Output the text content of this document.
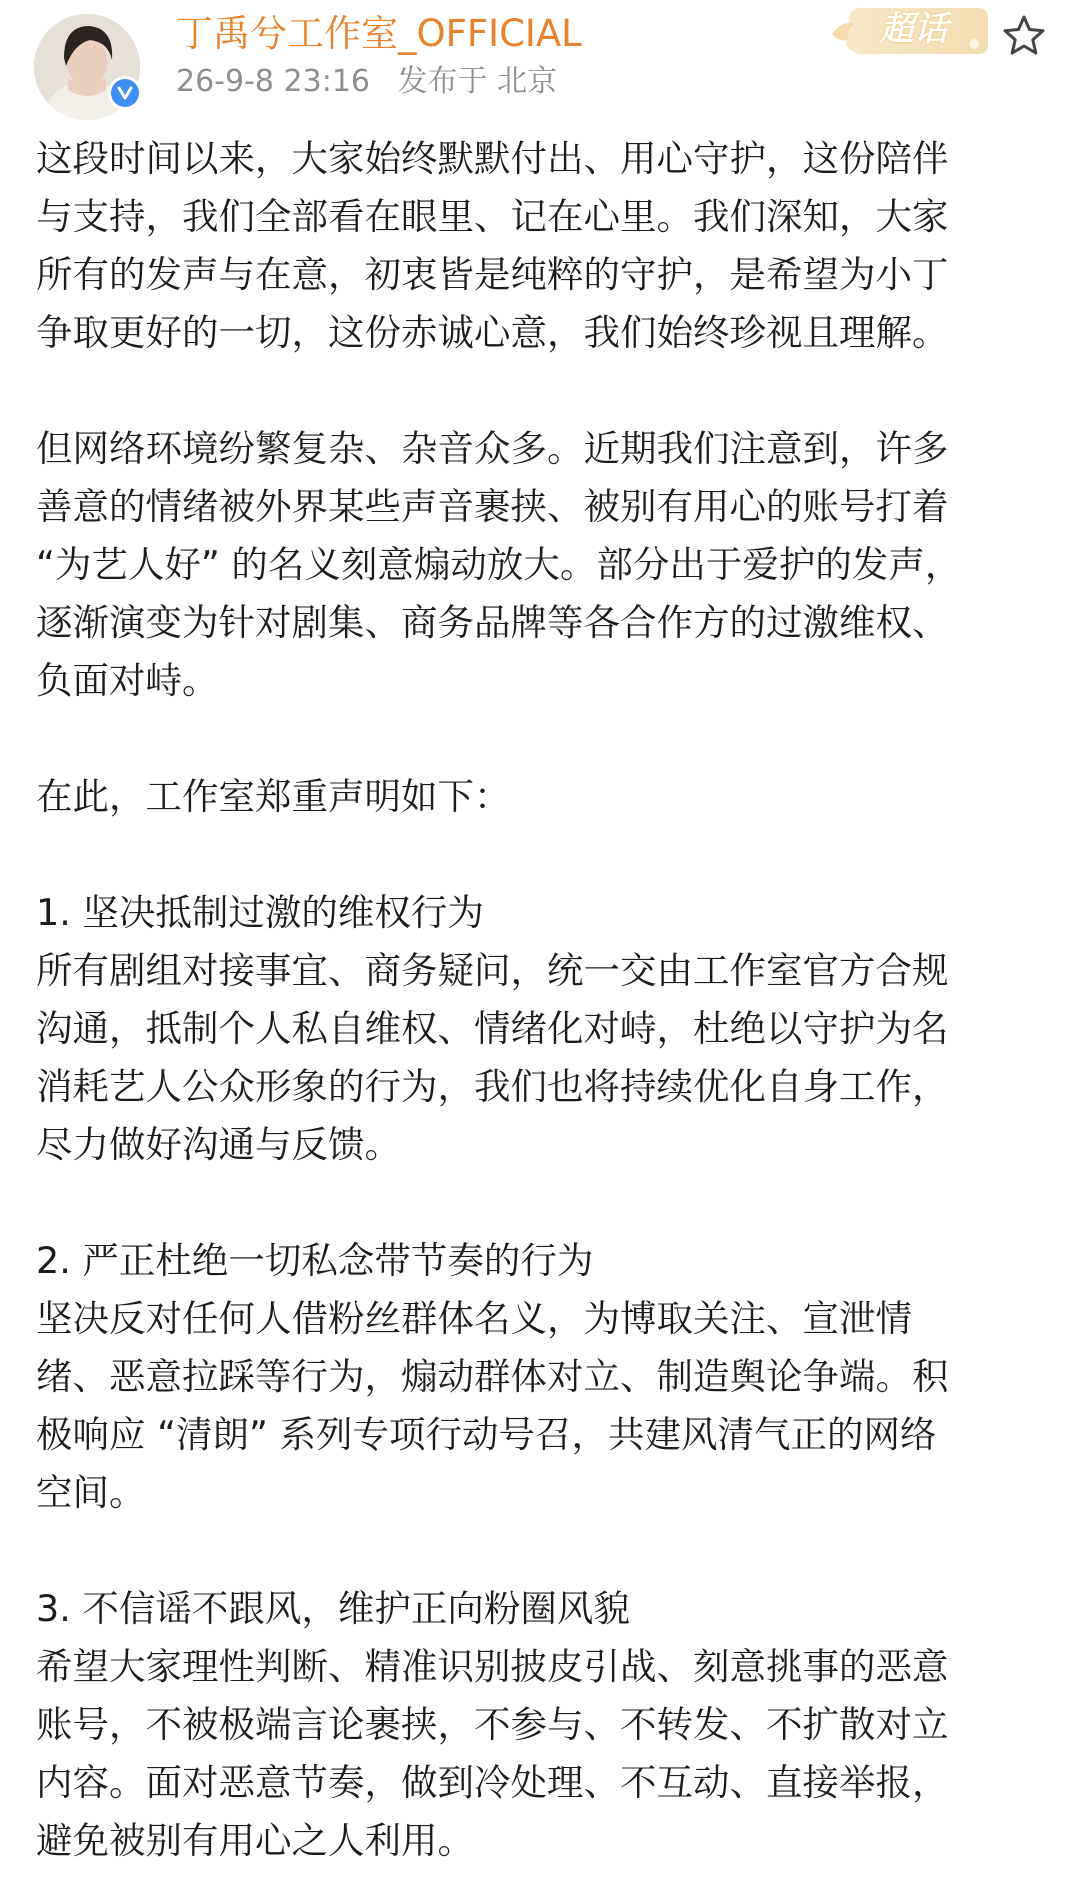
丁禹兮工作室_OFFICIAL
26-9-8 23:16 发布于 北京
超话
这段时间以来，大家始终默默付出、用心守护，这份陪伴
与支持，我们全部看在眼里、记在心里。我们深知，大家
所有的发声与在意，初衷皆是纯粹的守护，是希望为小丁
争取更好的一切，这份赤诚心意，我们始终珍视且理解。
但网络环境纷繁复杂、杂音众多。近期我们注意到，许多
善意的情绪被外界某些声音裹挟、被别有用心的账号打着
“为艺人好” 的名义刻意煽动放大。部分出于爱护的发声，
逐渐演变为针对剧集、商务品牌等各合作方的过激维权、
负面对峙。
在此，工作室郑重声明如下：
1. 坚决抵制过激的维权行为
所有剧组对接事宜、商务疑问，统一交由工作室官方合规
沟通，抵制个人私自维权、情绪化对峙，杜绝以守护为名
消耗艺人公众形象的行为，我们也将持续优化自身工作，
尽力做好沟通与反馈。
2. 严正杜绝一切私念带节奏的行为
坚决反对任何人借粉丝群体名义，为博取关注、宣泄情
绪、恶意拉踩等行为，煽动群体对立、制造舆论争端。积
极响应 “清朗” 系列专项行动号召，共建风清气正的网络
空间。
3. 不信谣不跟风，维护正向粉圈风貌
希望大家理性判断、精准识别披皮引战、刻意挑事的恶意
账号，不被极端言论裹挟，不参与、不转发、不扩散对立
内容。面对恶意节奏，做到冷处理、不互动、直接举报，
避免被别有用心之人利用。
